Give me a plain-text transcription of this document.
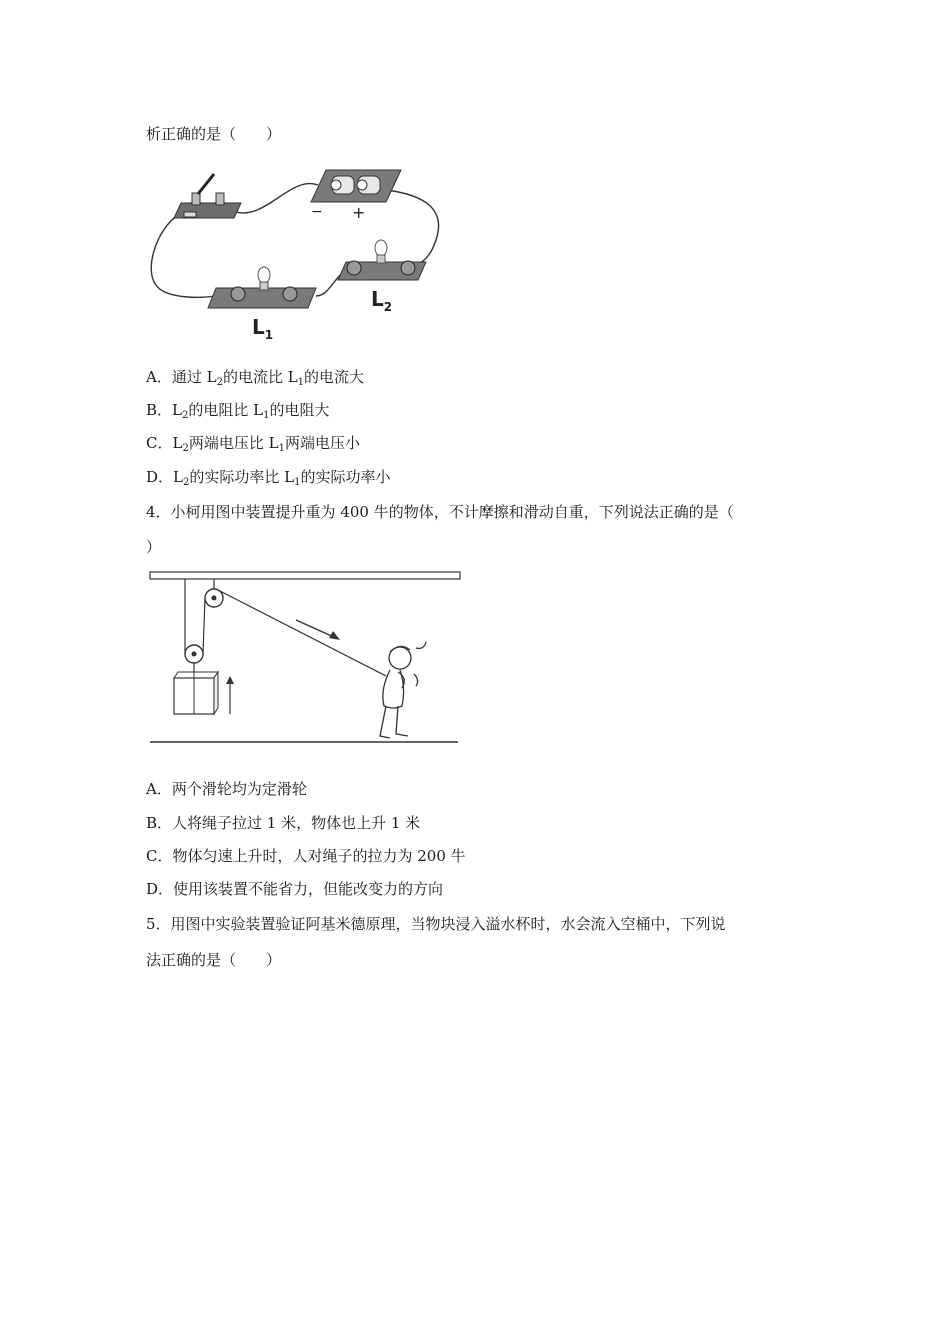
析正确的是（　　）
− +
$L_1$
$L_2$
A．通过 $L_2$的电流比 $L_1$的电流大
B．$L_2$的电阻比 $L_1$的电阻大
C．$L_2$两端电压比 $L_1$两端电压小
D．$L_2$的实际功率比 $L_1$的实际功率小
4．小柯用图中装置提升重为 400 牛的物体，不计摩擦和滑动自重，下列说法正确的是（
）
A．两个滑轮均为定滑轮
B．人将绳子拉过 1 米，物体也上升 1 米
C．物体匀速上升时，人对绳子的拉力为 200 牛
D．使用该装置不能省力，但能改变力的方向
5．用图中实验装置验证阿基米德原理，当物块浸入溢水杯时，水会流入空桶中，下列说
法正确的是（　　）
